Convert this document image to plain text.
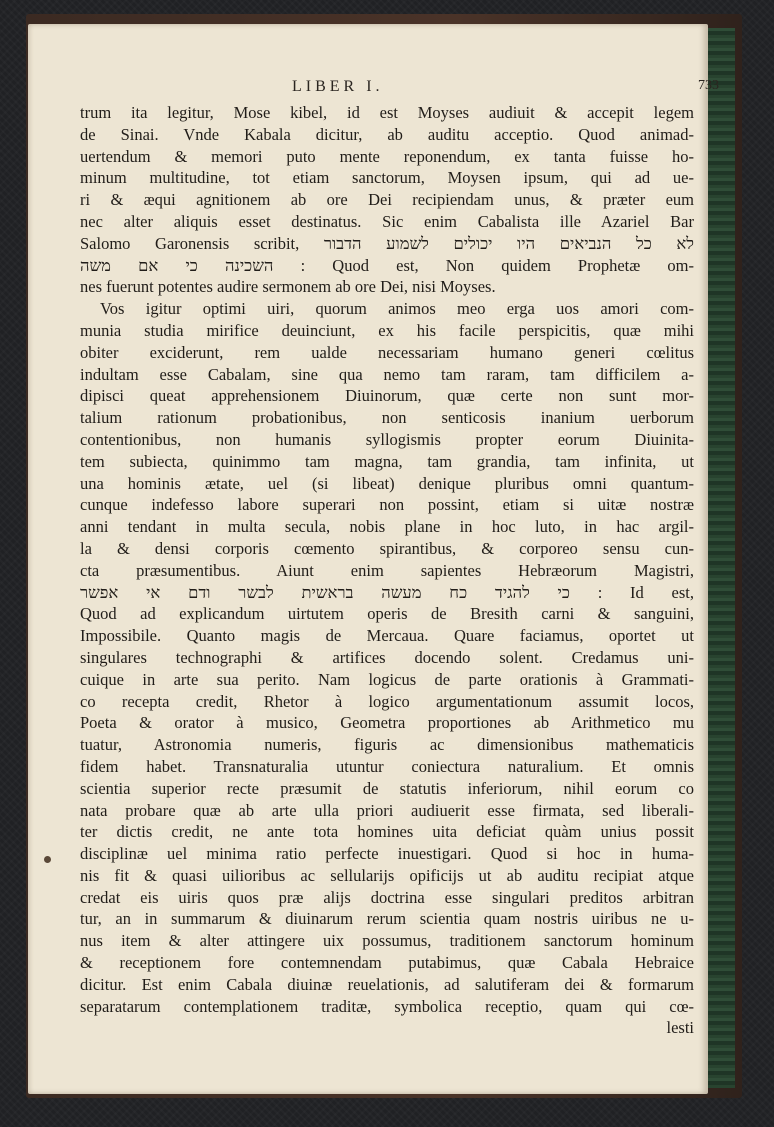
LIBER I.	733
trum ita legitur, Mose kibel, id est Moyses audiuit & accepit legem
de Sinai. Vnde Kabala dicitur, ab auditu acceptio. Quod animad-
uertendum & memori puto mente reponendum, ex tanta fuisse ho-
minum multitudine, tot etiam sanctorum, Moysen ipsum, qui ad ue-
ri & æqui agnitionem ab ore Dei recipiendam unus, & præter eum
nec alter aliquis esset destinatus. Sic enim Cabalista ille Azariel Bar
Salomo Garonensis scribit, לא כל הנביאים היו יכולים לשמוע הדבור
השכינה כי אם משה : Quod est, Non quidem Prophetæ om-
nes fuerunt potentes audire sermonem ab ore Dei, nisi Moyses.
Vos igitur optimi uiri, quorum animos meo erga uos amori com-
munia studia mirifice deuinciunt, ex his facile perspicitis, quæ mihi
obiter exciderunt, rem ualde necessariam humano generi cœlitus
indultam esse Cabalam, sine qua nemo tam raram, tam difficilem a-
dipisci queat apprehensionem Diuinorum, quæ certe non sunt mor-
talium rationum probationibus, non senticosis inanium uerborum
contentionibus, non humanis syllogismis propter eorum Diuinita-
tem subiecta, quinimmo tam magna, tam grandia, tam infinita, ut
una hominis ætate, uel (si libeat) denique pluribus omni quantum-
cunque indefesso labore superari non possint, etiam si uitæ nostræ
anni tendant in multa secula, nobis plane in hoc luto, in hac argil-
la & densi corporis cœmento spirantibus, & corporeo sensu cun-
cta præsumentibus. Aiunt enim sapientes Hebræorum Magistri,
כי להגיד כח מעשה בראשית לבשר ודם אי אפשר : Id est,
Quod ad explicandum uirtutem operis de Bresith carni & sanguini,
Impossibile. Quanto magis de Mercaua. Quare faciamus, oportet ut
singulares technographi & artifices docendo solent. Credamus uni-
cuique in arte sua perito. Nam logicus de parte orationis à Grammati-
co recepta credit, Rhetor à logico argumentationum assumit locos,
Poeta & orator à musico, Geometra proportiones ab Arithmetico mu
tuatur, Astronomia numeris, figuris ac dimensionibus mathematicis
fidem habet. Transnaturalia utuntur coniectura naturalium. Et omnis
scientia superior recte præsumit de statutis inferiorum, nihil eorum co
nata probare quæ ab arte ulla priori audiuerit esse firmata, sed liberali-
ter dictis credit, ne ante tota homines uita deficiat quàm unius possit
disciplinæ uel minima ratio perfecte inuestigari. Quod si hoc in huma-
nis fit & quasi uilioribus ac sellularijs opificijs ut ab auditu recipiat atque
credat eis uiris quos præ alijs doctrina esse singulari preditos arbitran
tur, an in summarum & diuinarum rerum scientia quam nostris uiribus ne u-
nus item & alter attingere uix possumus, traditionem sanctorum hominum
& receptionem fore contemnendam putabimus, quæ Cabala Hebraice
dicitur. Est enim Cabala diuinæ reuelationis, ad salutiferam dei & formarum
separatarum contemplationem traditæ, symbolica receptio, quam qui cœ-
lesti
